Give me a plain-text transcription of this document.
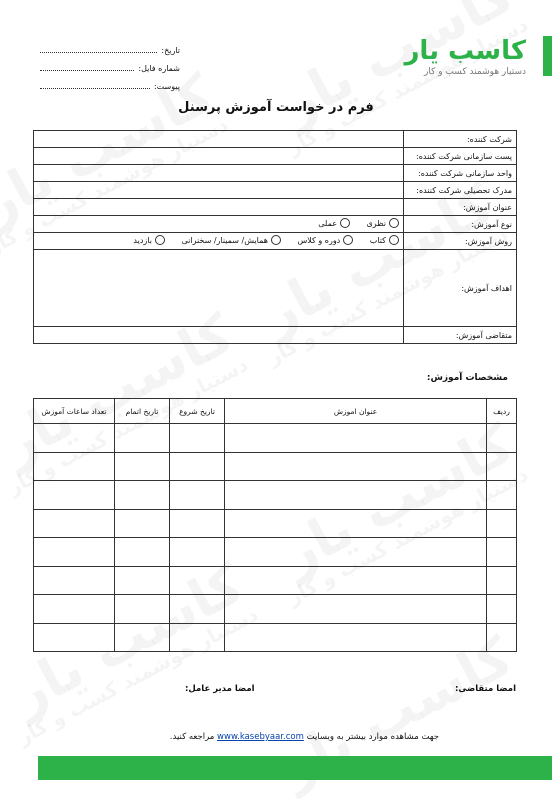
کاسب یار
دستیار هوشمند کسب و کار
تاریخ:
شماره فایل:
پیوست:
فرم در خواست آموزش پرسنل
شرکت کننده:	
پست سازمانی شرکت کننده:	
واحد سازمانی شرکت کننده:	
مدرک تحصیلی شرکت کننده:	
عنوان آموزش:	
نوع آموزش:	نظری

عملی

روش آموزش:	کتاب

دوره و کلاس

همایش/ سمینار/ سخنرانی

بازدید

اهداف آموزش:	
متقاضی آموزش:	
مشخصات آموزش:
ردیف	عنوان اموزش	تاریخ شروع	تاریخ اتمام	تعداد ساعات آموزش

امضا متقاضی:
امضا مدیر عامل:
جهت مشاهده موارد بیشتر به وبسایت www.kasebyaar.com مراجعه کنید.
